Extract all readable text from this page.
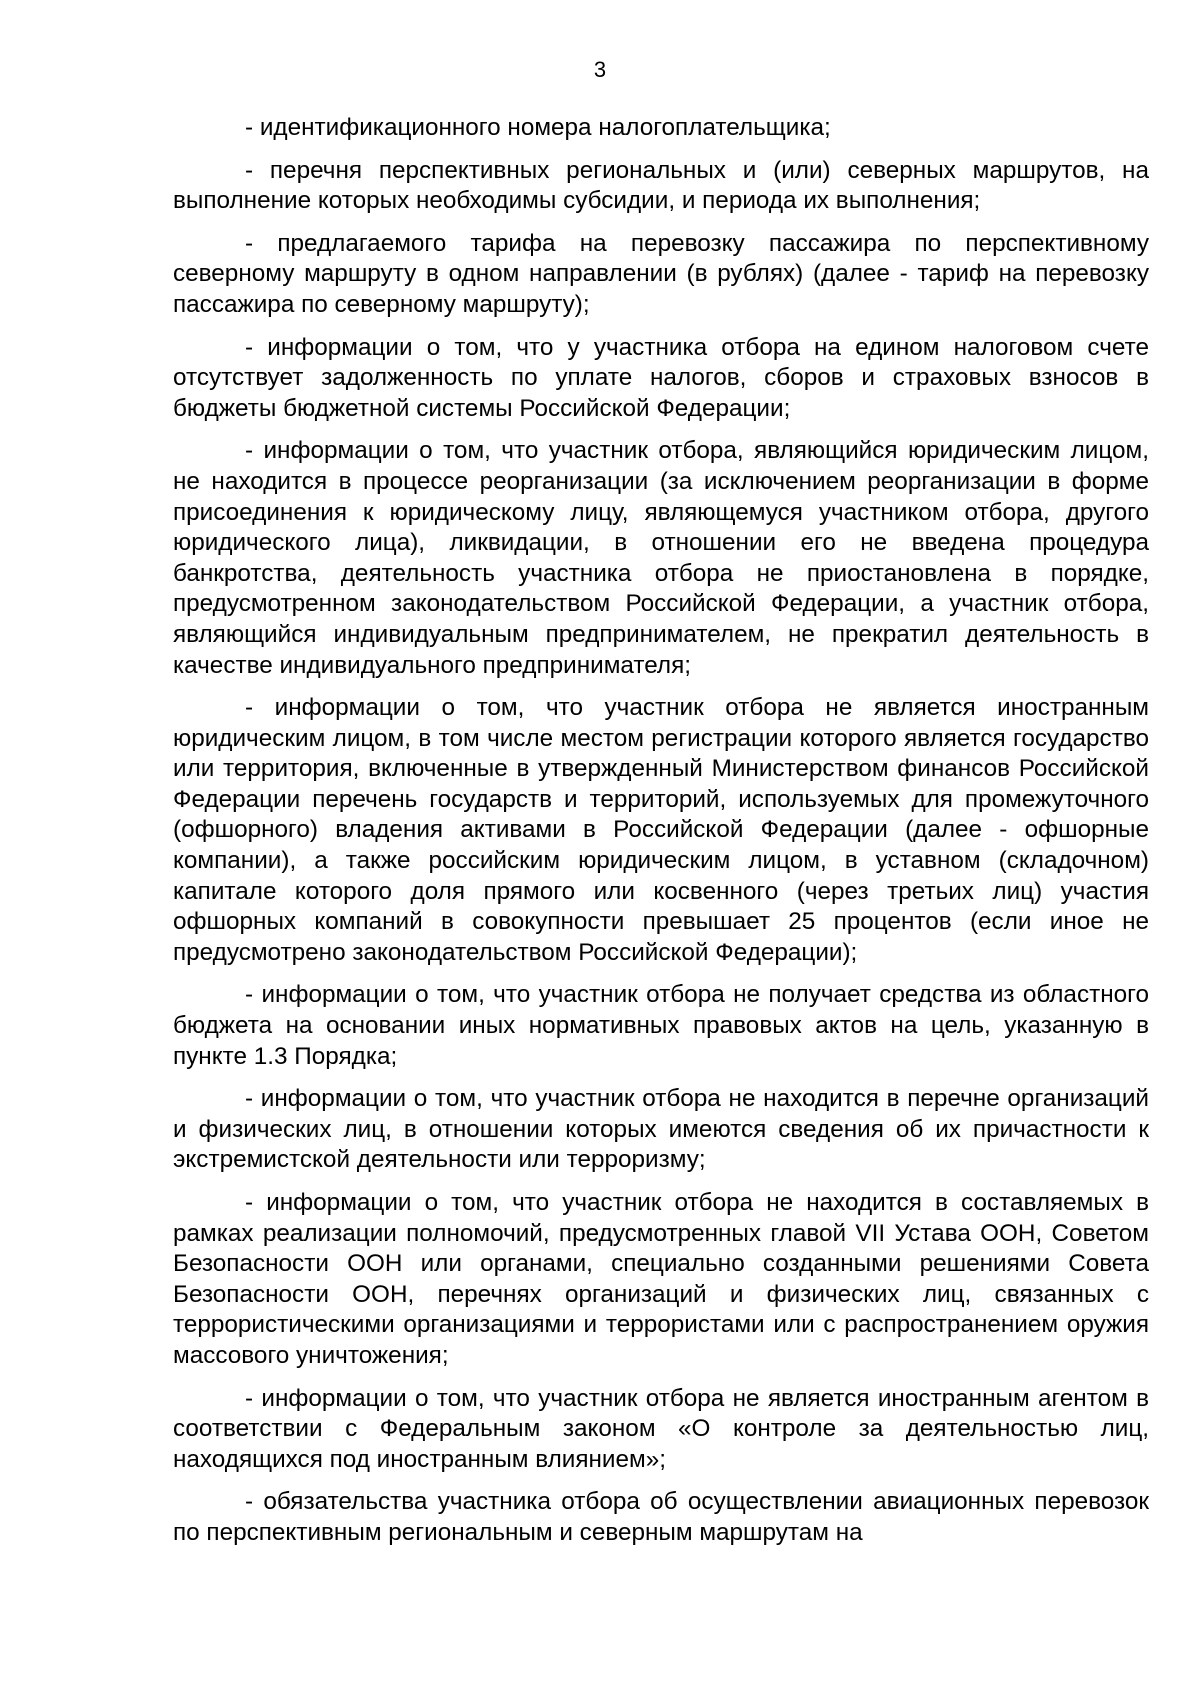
3

- идентификационного номера налогоплательщика;

- перечня перспективных региональных и (или) северных маршрутов, на выполнение которых необходимы субсидии, и периода их выполнения;

- предлагаемого тарифа на перевозку пассажира по перспективному северному маршруту в одном направлении (в рублях) (далее - тариф на перевозку пассажира по северному маршруту);

- информации о том, что у участника отбора на едином налоговом счете отсутствует задолженность по уплате налогов, сборов и страховых взносов в бюджеты бюджетной системы Российской Федерации;

- информации о том, что участник отбора, являющийся юридическим лицом, не находится в процессе реорганизации (за исключением реорганизации в форме присоединения к юридическому лицу, являющемуся участником отбора, другого юридического лица), ликвидации, в отношении его не введена процедура банкротства, деятельность участника отбора не приостановлена в порядке, предусмотренном законодательством Российской Федерации, а участник отбора, являющийся индивидуальным предпринимателем, не прекратил деятельность в качестве индивидуального предпринимателя;

- информации о том, что участник отбора не является иностранным юридическим лицом, в том числе местом регистрации которого является государство или территория, включенные в утвержденный Министерством финансов Российской Федерации перечень государств и территорий, используемых для промежуточного (офшорного) владения активами в Российской Федерации (далее - офшорные компании), а также российским юридическим лицом, в уставном (складочном) капитале которого доля прямого или косвенного (через третьих лиц) участия офшорных компаний в совокупности превышает 25 процентов (если иное не предусмотрено законодательством Российской Федерации);

- информации о том, что участник отбора не получает средства из областного бюджета на основании иных нормативных правовых актов на цель, указанную в пункте 1.3 Порядка;

- информации о том, что участник отбора не находится в перечне организаций и физических лиц, в отношении которых имеются сведения об их причастности к экстремистской деятельности или терроризму;

- информации о том, что участник отбора не находится в составляемых в рамках реализации полномочий, предусмотренных главой VII Устава ООН, Советом Безопасности ООН или органами, специально созданными решениями Совета Безопасности ООН, перечнях организаций и физических лиц, связанных с террористическими организациями и террористами или с распространением оружия массового уничтожения;

- информации о том, что участник отбора не является иностранным агентом в соответствии с Федеральным законом «О контроле за деятельностью лиц, находящихся под иностранным влиянием»;

- обязательства участника отбора об осуществлении авиационных перевозок по перспективным региональным и северным маршрутам на
